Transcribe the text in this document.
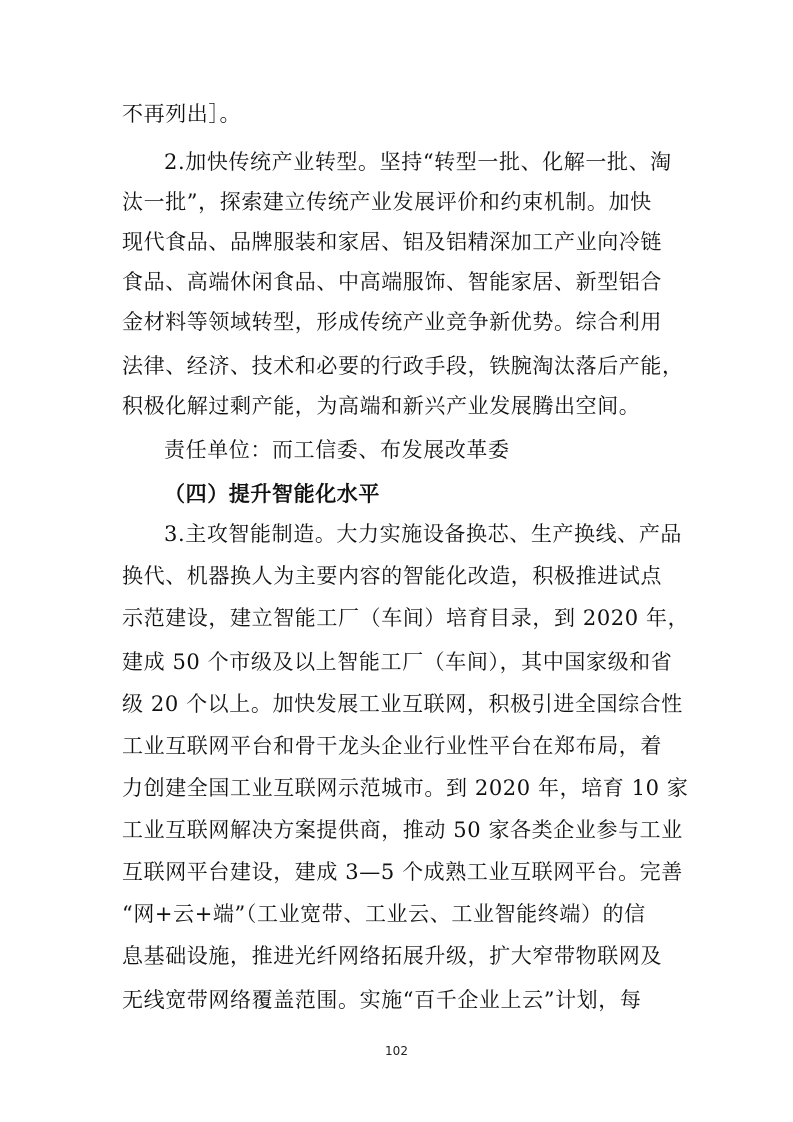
不再列出］。
2.加快传统产业转型。坚持“转型一批、化解一批、淘
汰一批”，探索建立传统产业发展评价和约束机制。加快
现代食品、品牌服装和家居、铝及铝精深加工产业向冷链
食品、高端休闲食品、中高端服饰、智能家居、新型铝合
金材料等领域转型，形成传统产业竞争新优势。综合利用
法律、经济、技术和必要的行政手段，铁腕淘汰落后产能，
积极化解过剩产能，为高端和新兴产业发展腾出空间。
责任单位：而工信委、布发展改革委
（四）提升智能化水平
3.主攻智能制造。大力实施设备换芯、生产换线、产品
换代、机器换人为主要内容的智能化改造，积极推进试点
示范建设，建立智能工厂（车间）培育目录，到 2020 年，
建成 50 个市级及以上智能工厂（车间），其中国家级和省
级 20 个以上。加快发展工业互联网，积极引进全国综合性
工业互联网平台和骨干龙头企业行业性平台在郑布局，着
力创建全国工业互联网示范城市。到 2020 年，培育 10 家
工业互联网解决方案提供商，推动 50 家各类企业参与工业
互联网平台建设，建成 3—5 个成熟工业互联网平台。完善
“网+云+端”（工业宽带、工业云、工业智能终端）的信
息基础设施，推进光纤网络拓展升级，扩大窄带物联网及
无线宽带网络覆盖范围。实施“百千企业上云”计划，每
102
